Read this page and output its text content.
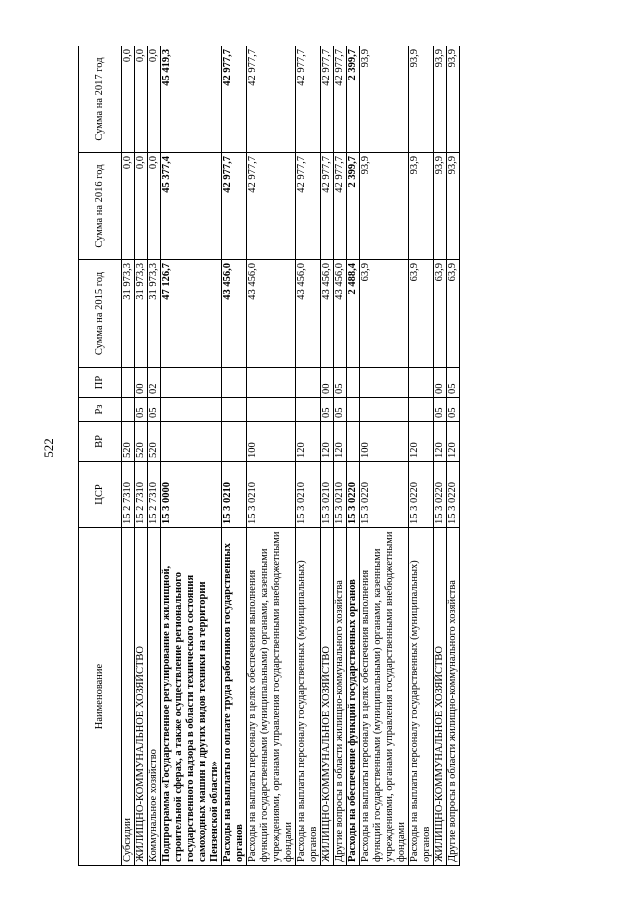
522
Наименование	ЦСР	ВР	Рз	ПР	Сумма на 2015 год	Сумма на 2016 год	Сумма на 2017 год
Субсидии	15 2 7310	520			31 973,3	0,0	0,0
ЖИЛИЩНО-КОММУНАЛЬНОЕ ХОЗЯЙСТВО	15 2 7310	520	05	00	31 973,3	0,0	0,0
Коммунальное хозяйство	15 2 7310	520	05	02	31 973,3	0,0	0,0
Подпрограмма «Государственное регулирование в жилищной, строительной сферах, а также осуществление регионального государственного надзора в области технического состояния самоходных машин и других видов техники на территории Пензенской области»	15 3 0000				47 126,7	45 377,4	45 419,3
Расходы на выплаты по оплате труда работников государственных органов	15 3 0210				43 456,0	42 977,7	42 977,7
Расходы на выплаты персоналу в целях обеспечения выполнения функций государственными (муниципальными) органами, казенными учреждениями, органами управления государственными внебюджетными фондами	15 3 0210	100			43 456,0	42 977,7	42 977,7
Расходы на выплаты персоналу государственных (муниципальных) органов	15 3 0210	120			43 456,0	42 977,7	42 977,7
ЖИЛИЩНО-КОММУНАЛЬНОЕ ХОЗЯЙСТВО	15 3 0210	120	05	00	43 456,0	42 977,7	42 977,7
Другие вопросы в области жилищно-коммунального хозяйства	15 3 0210	120	05	05	43 456,0	42 977,7	42 977,7
Расходы на обеспечение функций государственных органов	15 3 0220				2 488,4	2 399,7	2 399,7
Расходы на выплаты персоналу в целях обеспечения выполнения функций государственными (муниципальными) органами, казенными учреждениями, органами управления государственными внебюджетными фондами	15 3 0220	100			63,9	93,9	93,9
Расходы на выплаты персоналу государственных (муниципальных) органов	15 3 0220	120			63,9	93,9	93,9
ЖИЛИЩНО-КОММУНАЛЬНОЕ ХОЗЯЙСТВО	15 3 0220	120	05	00	63,9	93,9	93,9
Другие вопросы в области жилищно-коммунального хозяйства	15 3 0220	120	05	05	63,9	93,9	93,9
